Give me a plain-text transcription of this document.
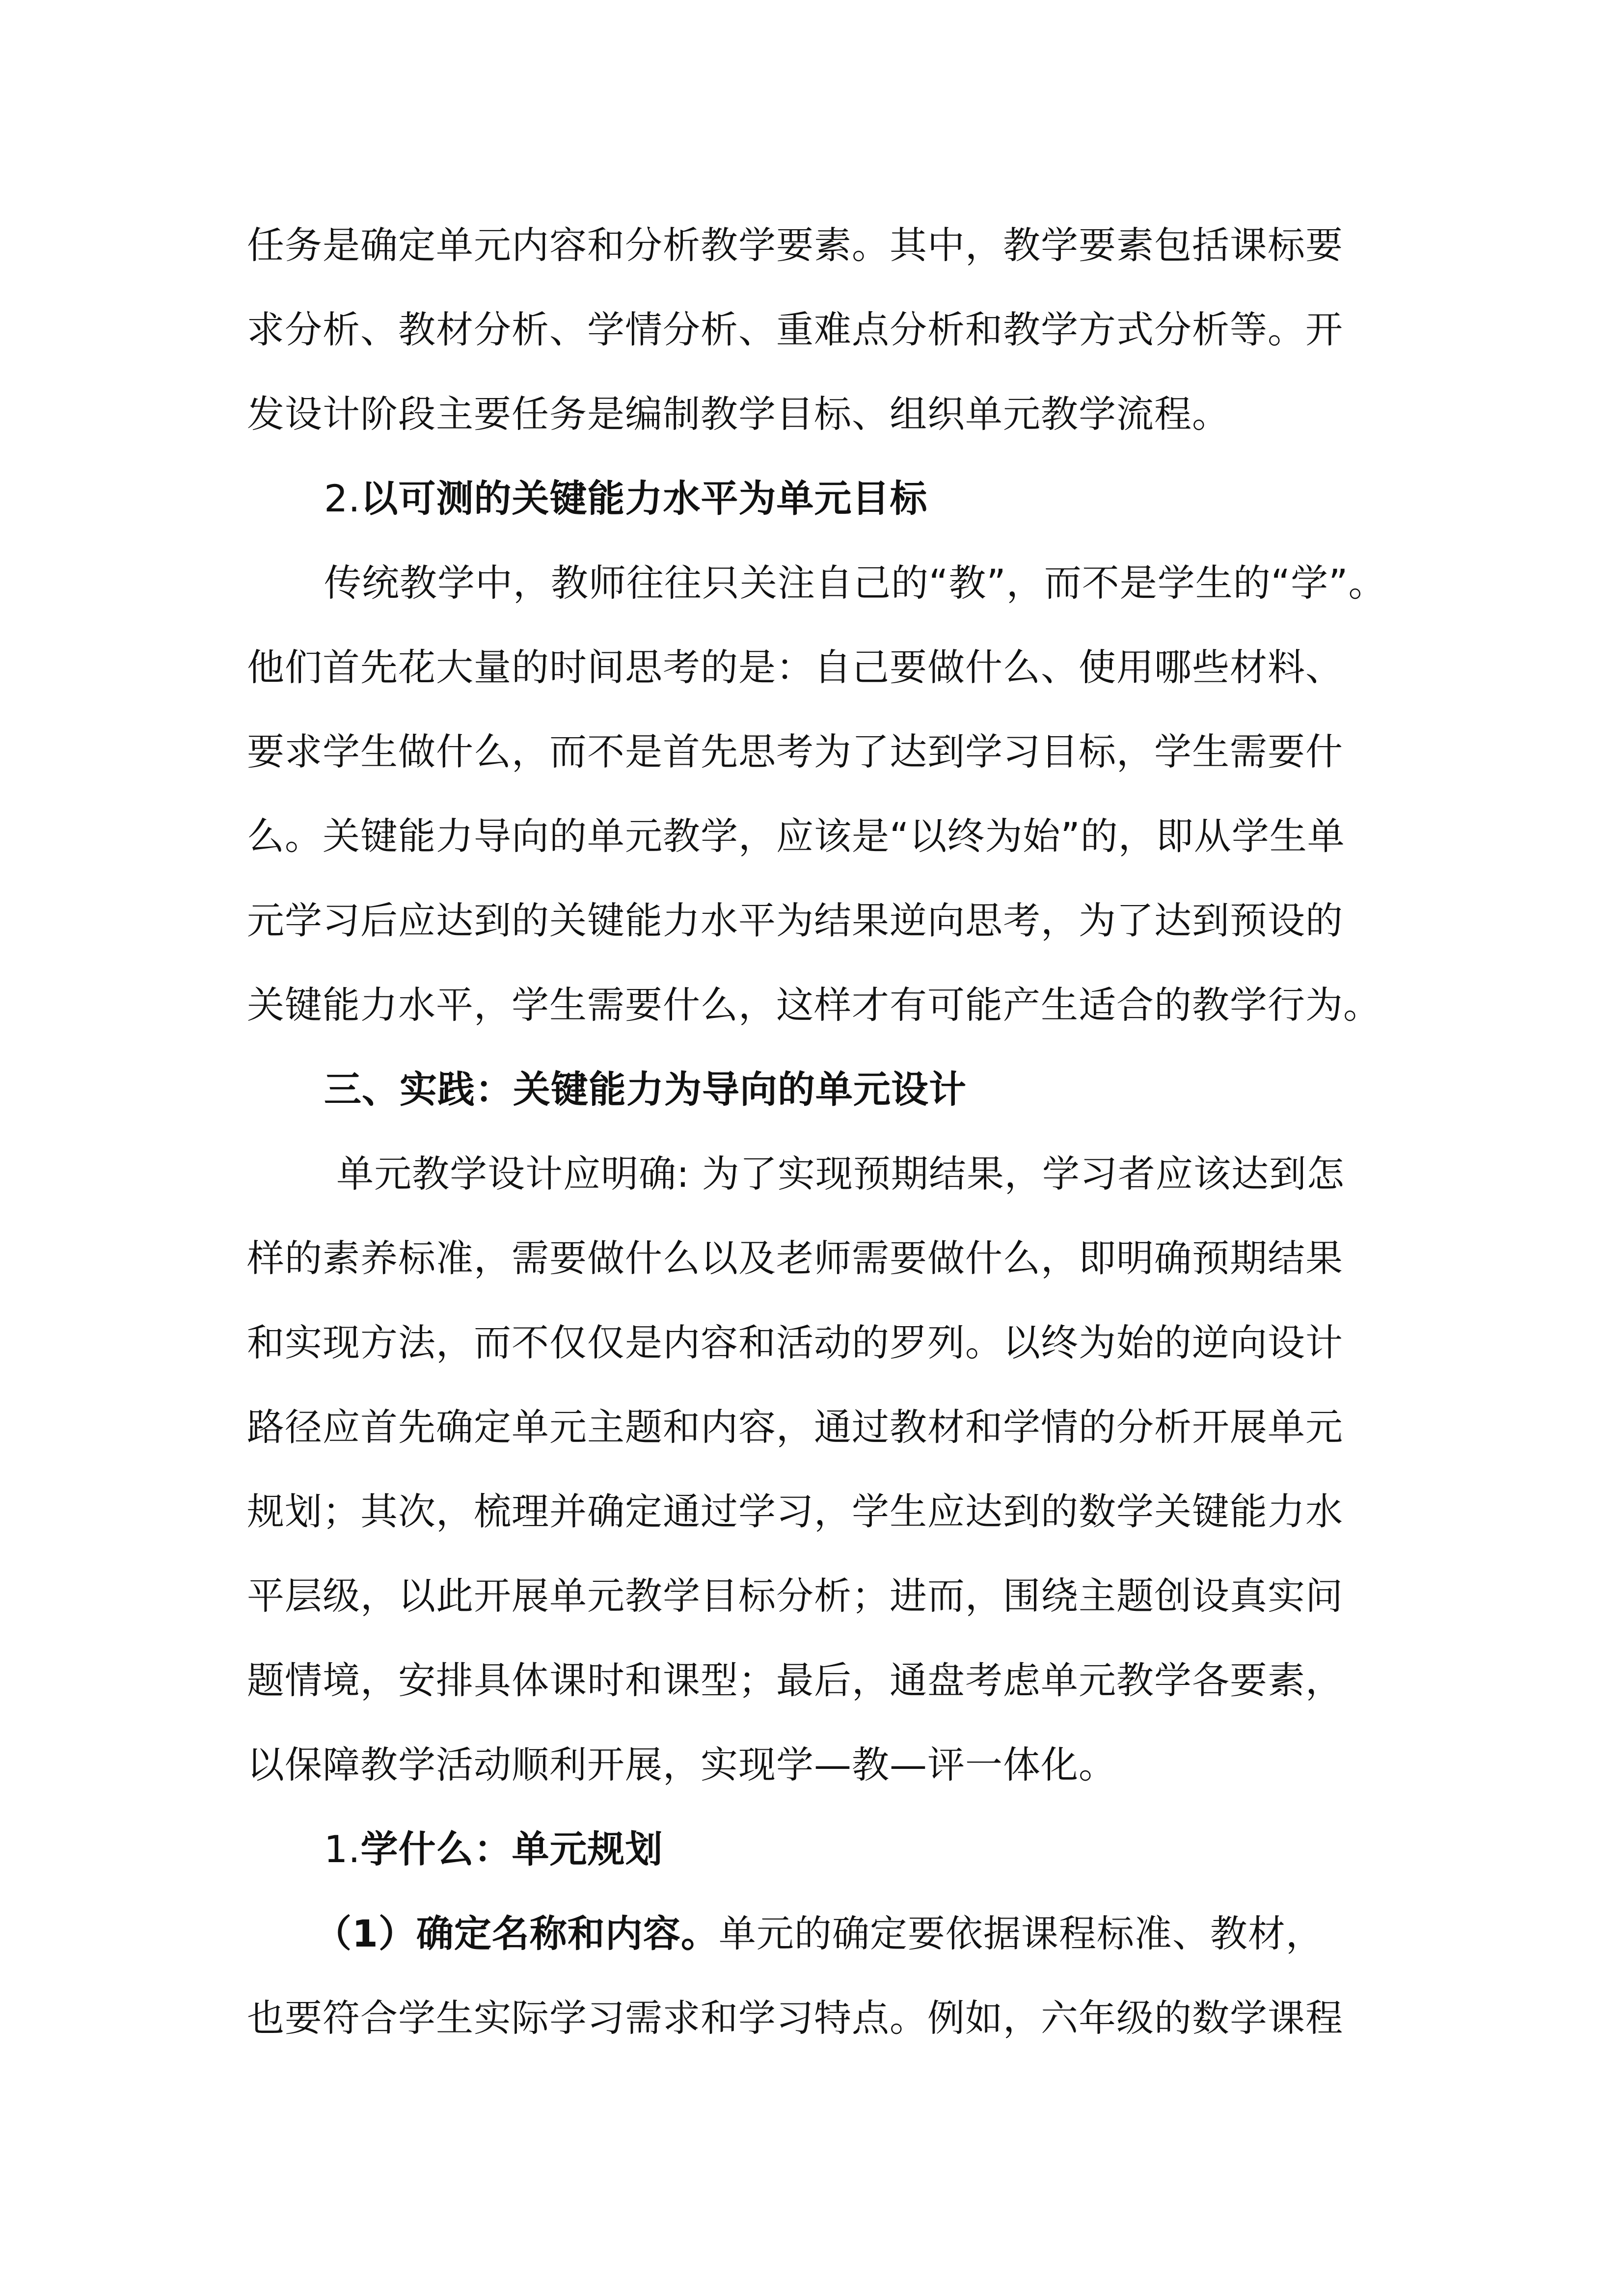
任务是确定单元内容和分析教学要素。其中，教学要素包括课标要

求分析、教材分析、学情分析、重难点分析和教学方式分析等。开

发设计阶段主要任务是编制教学目标、组织单元教学流程。

2.以可测的关键能力水平为单元目标

传统教学中，教师往往只关注自己的“教”，而不是学生的“学”。

他们首先花大量的时间思考的是：自己要做什么、使用哪些材料、

要求学生做什么，而不是首先思考为了达到学习目标，学生需要什

么。关键能力导向的单元教学，应该是“以终为始”的，即从学生单

元学习后应达到的关键能力水平为结果逆向思考，为了达到预设的

关键能力水平，学生需要什么，这样才有可能产生适合的教学行为。

三、实践：关键能力为导向的单元设计

单元教学设计应明确: 为了实现预期结果，学习者应该达到怎

样的素养标准，需要做什么以及老师需要做什么，即明确预期结果

和实现方法，而不仅仅是内容和活动的罗列。以终为始的逆向设计

路径应首先确定单元主题和内容，通过教材和学情的分析开展单元

规划；其次，梳理并确定通过学习，学生应达到的数学关键能力水

平层级，以此开展单元教学目标分析；进而，围绕主题创设真实问

题情境，安排具体课时和课型；最后，通盘考虑单元教学各要素，

以保障教学活动顺利开展，实现学—教—评一体化。

1.学什么：单元规划

（1）确定名称和内容。单元的确定要依据课程标准、教材，

也要符合学生实际学习需求和学习特点。例如，六年级的数学课程
